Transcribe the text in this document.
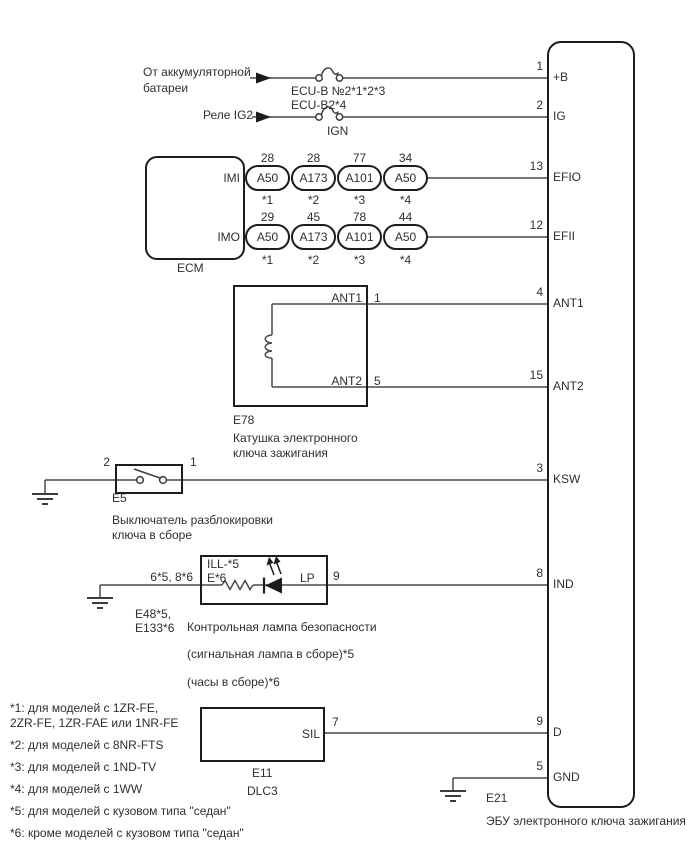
От аккумуляторной
батареи
Реле IG2
ECU-B №2*1*2*3
ECU-B2*4
IGN
IMI
IMO
ECM
28	28	77	34
A50 A173 A101 A50
*1	*2	*3	*4
29	45	78	44
A50 A173 A101 A50
*1	*2	*3	*4
ANT1 1
ANT2 5
E78
Катушка электронного
ключа зажигания
2	1
E5
Выключатель разблокировки
ключа в сборе
6*5, 8*6
ILL-*5
E*6	LP 9
E48*5,
E133*6 Контрольная лампа безопасности
(сигнальная лампа в сборе)*5
(часы в сборе)*6
SIL
7
E11
DLC3	E21
ЭБУ электронного ключа зажигания
1
+B
2
IG
13
EFIO
12
EFII
4
ANT1
15
ANT2
3
KSW
8
IND
9
D
5
GND
*1: для моделей с 1ZR-FE,
2ZR-FE, 1ZR-FAE или 1NR-FE
*2: для моделей с 8NR-FTS
*3: для моделей с 1ND-TV
*4: для моделей с 1WW
*5: для моделей с кузовом типа "седан"
*6: кроме моделей с кузовом типа "седан"
